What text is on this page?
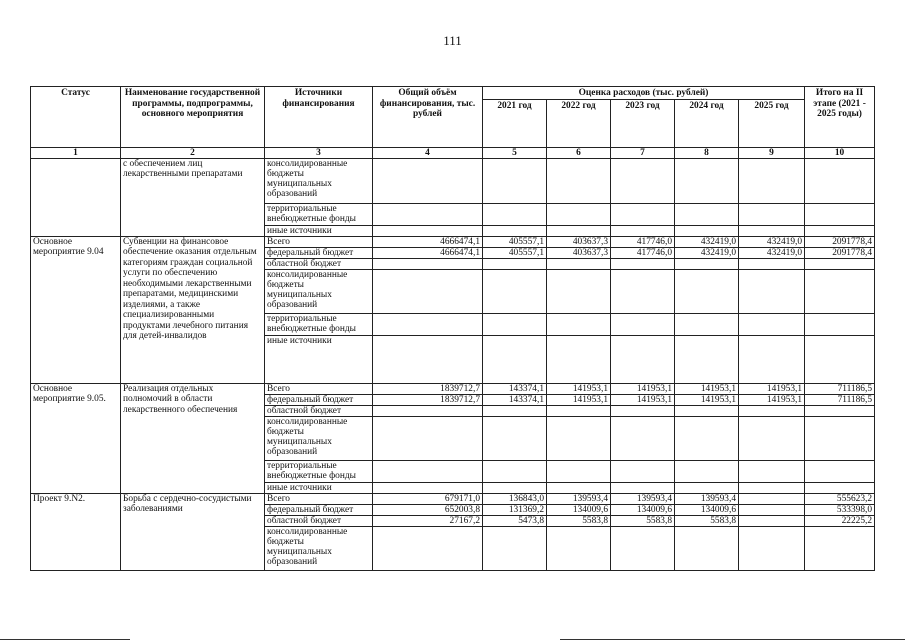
111
Статус	Наименование государственной программы, подпрограммы, основного мероприятия	Источники финансирования	Общий объём финансирования, тыс. рублей	Оценка расходов (тыс. рублей)					Итого на II этапе (2021 - 2025 годы)
				2021 год	2022 год	2023 год	2024 год	2025 год	
1	2	3	4	5	6	7	8	9	10
	с обеспечением лиц лекарственными препаратами	консолидированные бюджеты муниципальных образований							
		территориальные внебюджетные фонды							
		иные источники							
Основное мероприятие 9.04	Субвенции на финансовое обеспечение оказания отдельным категориям граждан социальной услуги по обеспечению необходимыми лекарственными препаратами, медицинскими изделиями, а также специализированными продуктами лечебного питания для детей-инвалидов	Всего	4666474,1	405557,1	403637,3	417746,0	432419,0	432419,0	2091778,4
		федеральный бюджет	4666474,1	405557,1	403637,3	417746,0	432419,0	432419,0	2091778,4
		областной бюджет							
		консолидированные бюджеты муниципальных образований							
		территориальные внебюджетные фонды							
		иные источники							
Основное мероприятие 9.05.	Реализация отдельных полномочий в области лекарственного обеспечения	Всего	1839712,7	143374,1	141953,1	141953,1	141953,1	141953,1	711186,5
		федеральный бюджет	1839712,7	143374,1	141953,1	141953,1	141953,1	141953,1	711186,5
		областной бюджет							
		консолидированные бюджеты муниципальных образований							
		территориальные внебюджетные фонды							
		иные источники							
Проект 9.N2.	Борьба с сердечно-сосудистыми заболеваниями	Всего	679171,0	136843,0	139593,4	139593,4	139593,4		555623,2
		федеральный бюджет	652003,8	131369,2	134009,6	134009,6	134009,6		533398,0
		областной бюджет	27167,2	5473,8	5583,8	5583,8	5583,8		22225,2
		консолидированные бюджеты муниципальных образований							
